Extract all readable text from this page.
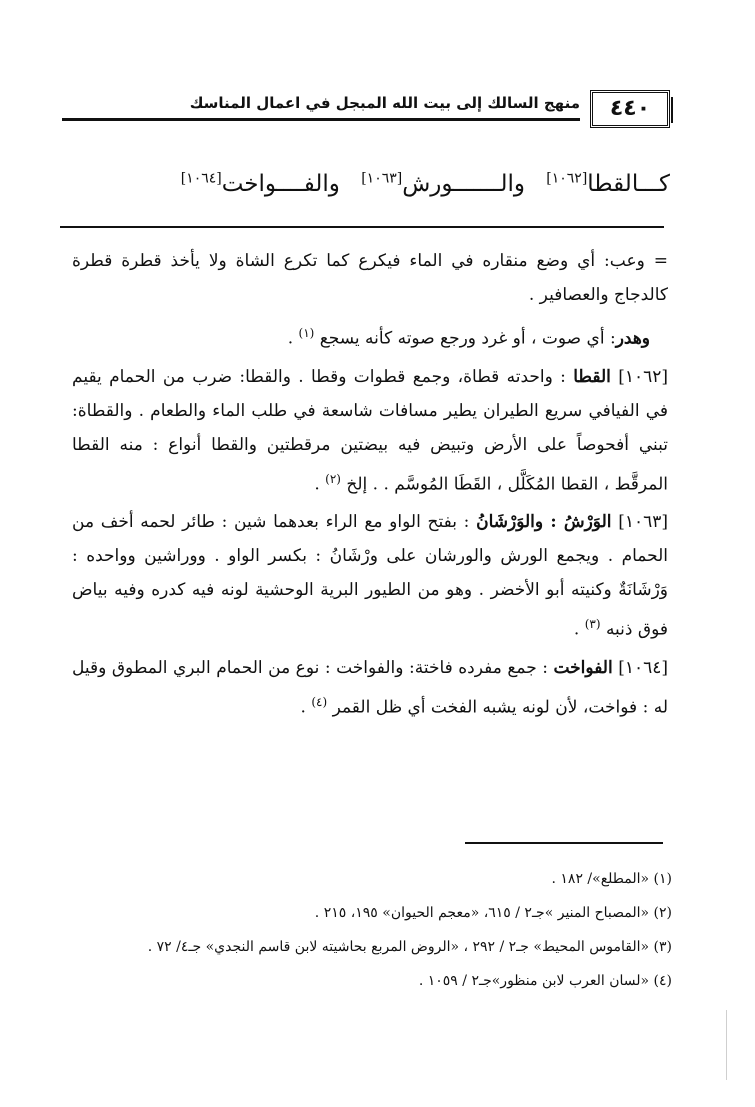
منهج السالك إلى بيت الله المبجل في اعمال المناسك	٤٤٠
كـــالقطا[١٠٦٢] والـــــــورش[١٠٦٣] والفــــواخت[١٠٦٤]

= وعب: أي وضع منقاره في الماء فيكرع كما تكرع الشاة ولا يأخذ قطرة قطرة كالدجاج والعصافير .

وهدر: أي صوت ، أو غرد ورجع صوته كأنه يسجع $^{(١)}$ .

[١٠٦٢] القطا : واحدته قطاة، وجمع قطوات وقطا . والقطا: ضرب من الحمام يقيم في الفيافي سريع الطيران يطير مسافات شاسعة في طلب الماء والطعام . والقطاة: تبني أفحوصاً على الأرض وتبيض فيه بيضتين مرقطتين والقطا أنواع : منه القطا المرقَّط ، القطا المُكَلَّل ، القَطَا المُوسَّم . . إلخ $^{(٢)}$ .

[١٠٦٣] الوَرْشُ : والوَرْشَانُ : بفتح الواو مع الراء بعدهما شين : طائر لحمه أخف من الحمام . ويجمع الورش والورشان على ورْشَانُ : بكسر الواو . ووراشين وواحده : وَرْشَانَةٌ وكنيته أبو الأخضر . وهو من الطيور البرية الوحشية لونه فيه كدره وفيه بياض فوق ذنبه $^{(٣)}$ .

[١٠٦٤] الفواخت : جمع مفرده فاختة: والفواخت : نوع من الحمام البري المطوق وقيل له : فواخت، لأن لونه يشبه الفخت أي ظل القمر $^{(٤)}$ .

(١) «المطلع»/ ١٨٢ .
(٢) «المصباح المنير »جـ٢ / ٦١٥، «معجم الحيوان» ١٩٥، ٢١٥ .
(٣) «القاموس المحيط» جـ٢ / ٢٩٢ ، «الروض المربع بحاشيته لابن قاسم النجدي» جـ٤/ ٧٢ .
(٤) «لسان العرب لابن منظور»جـ٢ / ١٠٥٩ .
